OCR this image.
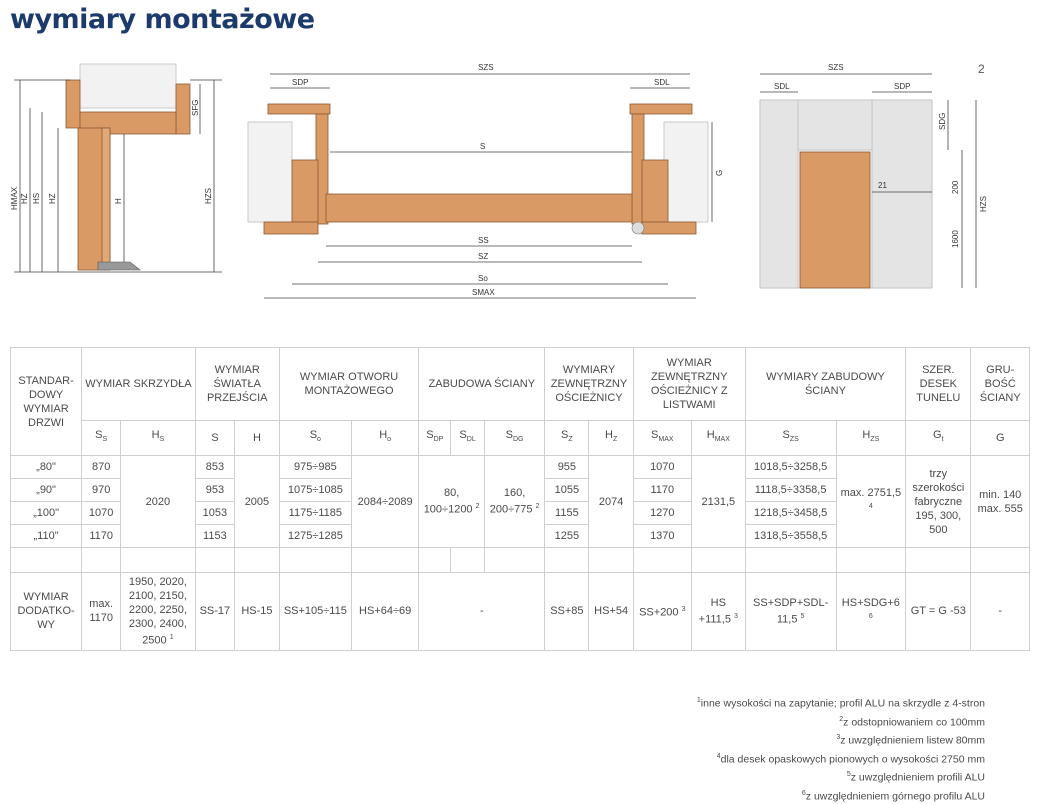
wymiary montażowe
2
HMAX HZ HS HZ	H	HZS
SFG
SZS
SDP	SDL
S
SS
SZ
So
SMAX
G
SZS
SDL	SDP
21	200
1600
SDG
HZS
STANDAR-DOWY WYMIAR DRZWI	WYMIAR SKRZYDŁA		WYMIAR ŚWIATŁA PRZEJŚCIA		WYMIAR OTWORU MONTAŻOWEGO		ZABUDOWA ŚCIANY			WYMIARY ZEWNĘTRZNY OŚCIEŻNICY		WYMIAR ZEWNĘTRZNY OŚCIEŻNICY Z LISTWAMI		WYMIARY ZABUDOWY ŚCIANY		SZER. DESEK TUNELU	GRU-BOŚĆ ŚCIANY
	$S_S$	$H_S$	S	H	$S_o$	$H_o$	$S_{DP}$	$S_{DL}$	$S_{DG}$	$S_Z$	$H_Z$	$S_{MAX}$	$H_{MAX}$	$S_{ZS}$	$H_{ZS}$	$G_t$	G
„80"	870	2020	853	2005	975÷985	2084÷2089	80, 100÷1200 $^2$		160, 200÷775 $^2$	955	2074	1070	2131,5	1018,5÷3258,5	max. 2751,5 $^4$	trzy szerokości fabryczne 195, 300, 500	min. 140 max. 555
„90"	970		953		1075÷1085					1055		1170		1118,5÷3358,5			
„100"	1070		1053		1175÷1185					1155		1270		1218,5÷3458,5			
„110"	1170		1153		1275÷1285					1255		1370		1318,5÷3558,5			

WYMIAR DODATKO-WY	max. 1170	1950, 2020, 2100, 2150, 2200, 2250, 2300, 2400, 2500 $^1$	SS-17	HS-15	SS+105÷115	HS+64÷69	-			SS+85	HS+54	SS+200 $^3$	HS +111,5 $^3$	SS+SDP+SDL-11,5 $^5$	HS+SDG+6 $^6$	GT = G -53	-
$^1$inne wysokości na zapytanie; profil ALU na skrzydle z 4-stron
$^2$z odstopniowaniem co 100mm
$^3$z uwzględnieniem listew 80mm
$^4$dla desek opaskowych pionowych o wysokości 2750 mm
$^5$z uwzględnieniem profili ALU
$^6$z uwzględnieniem górnego profilu ALU
